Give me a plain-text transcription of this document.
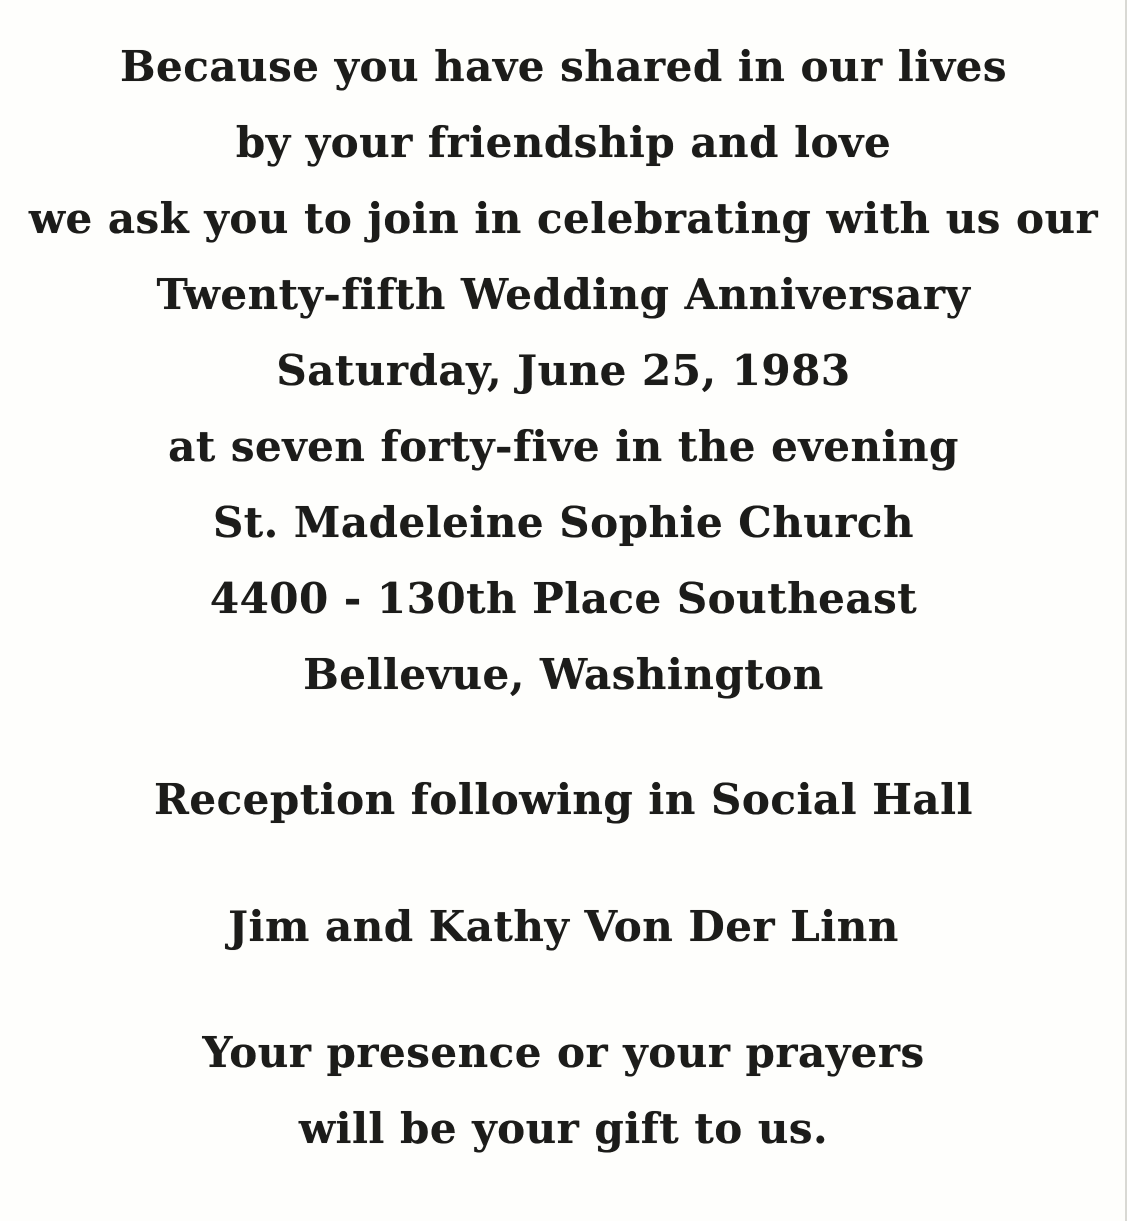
Because you have shared in our lives
by your friendship and love
we ask you to join in celebrating with us our
Twenty-fifth Wedding Anniversary
Saturday, June 25, 1983
at seven forty-five in the evening
St. Madeleine Sophie Church
4400 - 130th Place Southeast
Bellevue, Washington
Reception following in Social Hall
Jim and Kathy Von Der Linn
Your presence or your prayers
will be your gift to us.
